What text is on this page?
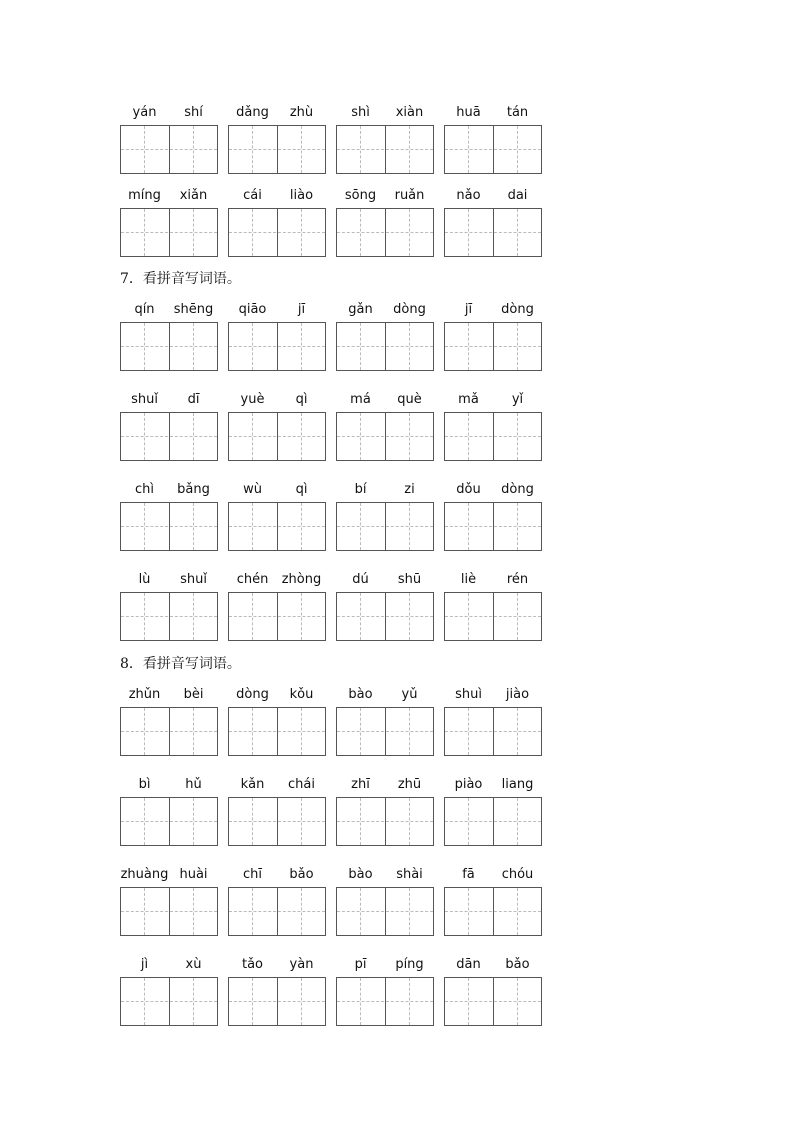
yán	shí	dǎng	zhù	shì	xiàn	huā	tán
míng	xiǎn	cái	liào	sōng	ruǎn	nǎo	dai
7．看拼音写词语。
qín	shēng	qiāo	jī	gǎn	dòng	jī	dòng
shuǐ	dī	yuè	qì	má	què	mǎ	yǐ
chì	bǎng	wù	qì	bí	zi	dǒu	dòng
lù	shuǐ	chén	zhòng	dú	shū	liè	rén
8．看拼音写词语。
zhǔn	bèi	dòng	kǒu	bào	yǔ	shuì	jiào
bì	hǔ	kǎn	chái	zhī	zhū	piào	liang
zhuàng huài	chī	bǎo	bào	shài	fā	chóu
jì	xù	tǎo	yàn	pī	píng	dān	bǎo
